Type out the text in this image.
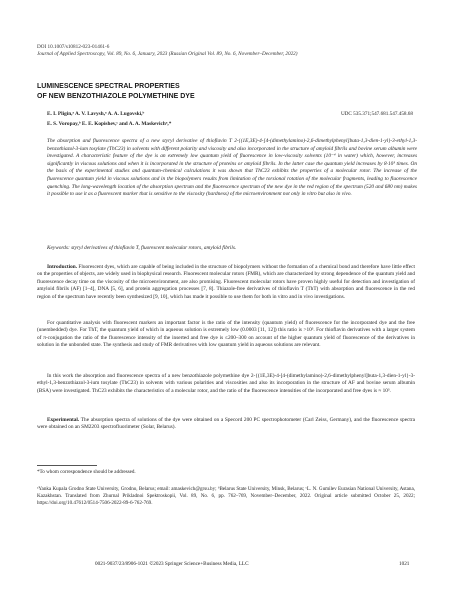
DOI 10.1007/s10812-023-01461-6
Journal of Applied Spectroscopy, Vol. 89, No. 6, January, 2023 (Russian Original Vol. 89, No. 6, November–December, 2022)
LUMINESCENCE SPECTRAL PROPERTIES
OF NEW BENZOTHIAZOLE POLYMETHINE DYE
E. I. Pligin,ᵃ A. V. Lavysh,ᵃ A. A. Lugovski,ᵇ
E. S. Voropay,ᵇ E. E. Kopishev,ᶜ and A. A. Maskevichᵃ,*
UDC 535.371;547.681.547.458.68
The absorption and fluorescence spectra of a new styryl derivative of thioflavin T 2-{(1E,3E)-4-[4-(dimethylamino)-2,6-dimethylphenyl]buta-1,3-dien-1-yl}-3-ethyl-1,3-benzothiazol-3-ium tosylate (ThC23) in solvents with different polarity and viscosity and also incorporated in the structure of amyloid fibrils and bovine serum albumin were investigated. A characteristic feature of the dye is an extremely low quantum yield of fluorescence in low-viscosity solvents (10⁻⁴ in water) which, however, increases significantly in viscous solutions and when it is incorporated in the structure of proteins or amyloid fibrils. In the latter case the quantum yield increases by 8·10³ times. On the basis of the experimental studies and quantum-chemical calculations it was shown that ThC23 exhibits the properties of a molecular rotor. The increase of the fluorescence quantum yield in viscous solutions and in the biopolymers results from limitation of the torsional rotation of the molecular fragments, leading to fluorescence quenching. The long-wavelength location of the absorption spectrum and the fluorescence spectrum of the new dye in the red region of the spectrum (520 and 680 nm) makes it possible to use it as a fluorescent marker that is sensitive to the viscosity (hardness) of the microenvironment not only in vitro but also in vivo.
Keywords: styryl derivatives of thioflavin T, fluorescent molecular rotors, amyloid fibrils.
Introduction. Fluorescent dyes, which are capable of being included in the structure of biopolymers without the formation of a chemical bond and therefore have little effect on the properties of objects, are widely used in biophysical research. Fluorescent molecular rotors (FMR), which are characterized by strong dependence of the quantum yield and fluorescence decay time on the viscosity of the microenvironment, are also promising. Fluorescent molecular rotors have proven highly useful for detection and investigation of amyloid fibrils (AF) [1–4], DNA [5, 6], and protein aggregation processes [7, 8]. Thiazole-free derivatives of thioflavin T (ThT) with absorption and fluorescence in the red region of the spectrum have recently been synthesized [9, 10], which has made it possible to use them for both in vitro and in vivo investigations.
For quantitative analysis with fluorescent markers an important factor is the ratio of the intensity (quantum yield) of fluorescence for the incorporated dye and the free (unembedded) dye. For ThT, the quantum yield of which in aqueous solution is extremely low (0.0003 [11, 12]) this ratio is >10³. For thioflavin derivatives with a larger system of π-conjugation the ratio of the fluorescence intensity of the inserted and free dye is ≤200–300 on account of the higher quantum yield of fluorescence of the derivatives in solution in the unbonded state. The synthesis and study of FMR derivatives with low quantum yield in aqueous solutions are relevant.
In this work the absorption and fluorescence spectra of a new benzothiazole polymethine dye 2-{(1E,3E)-4-[4-(dimethylamino)-2,6-dimethylphenyl]buta-1,3-dien-1-yl}-3-ethyl-1,3-benzothiazol-3-ium tosylate (ThC23) in solvents with various polarities and viscosities and also its incorporation in the structure of AF and bovine serum albumin (BSA) were investigated. ThC23 exhibits the characteristics of a molecular rotor, and the ratio of the fluorescence intensities of the incorporated and free dyes is ≈ 10³.
Experimental. The absorption spectra of solutions of the dye were obtained on a Specord 200 PC spectrophotometer (Carl Zeiss, Germany), and the fluorescence spectra were obtained on an SM2203 spectrofluorimeter (Solar, Belarus).
*To whom correspondence should be addressed.
ᵃYanka Kupala Grodno State University, Grodno, Belarus; email: amaskevich@grsu.by; ᵇBelarus State University, Minsk, Belarus; ᶜL. N. Gumilev Eurasian National University, Astana, Kazakhstan. Translated from Zhurnal Prikladnoi Spektroskopii, Vol. 89, No. 6, pp. 762–769, November–December, 2022. Original article submitted October 25, 2022; https://doi.org/10.47612/0514-7506-2022-89-6-762-769.
0021-9037/23/8906-1021 ©2023 Springer Science+Business Media, LLC	1021
